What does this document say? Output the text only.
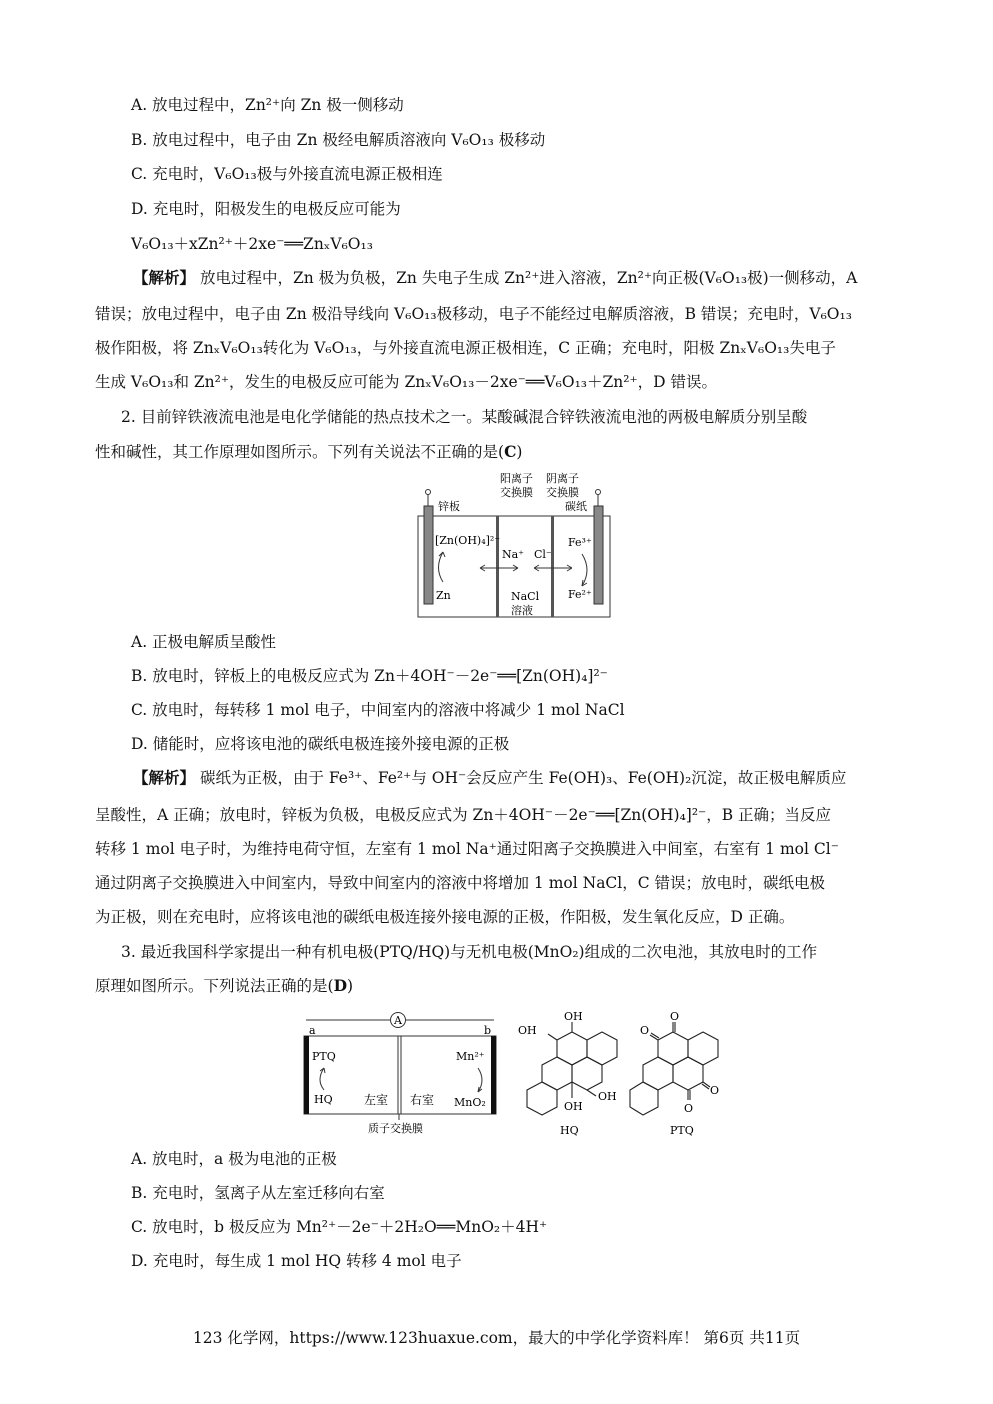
A. 放电过程中，Zn²⁺向 Zn 极一侧移动
B. 放电过程中，电子由 Zn 极经电解质溶液向 V₆O₁₃ 极移动
C. 充电时，V₆O₁₃极与外接直流电源正极相连
D. 充电时，阳极发生的电极反应可能为
V₆O₁₃＋xZn²⁺＋2xe⁻══ZnₓV₆O₁₃
【解析】 放电过程中，Zn 极为负极，Zn 失电子生成 Zn²⁺进入溶液，Zn²⁺向正极(V₆O₁₃极)一侧移动，A
错误；放电过程中，电子由 Zn 极沿导线向 V₆O₁₃极移动，电子不能经过电解质溶液，B 错误；充电时，V₆O₁₃
极作阳极，将 ZnₓV₆O₁₃转化为 V₆O₁₃，与外接直流电源正极相连，C 正确；充电时，阳极 ZnₓV₆O₁₃失电子
生成 V₆O₁₃和 Zn²⁺，发生的电极反应可能为 ZnₓV₆O₁₃－2xe⁻══V₆O₁₃＋Zn²⁺，D 错误。
2. 目前锌铁液流电池是电化学储能的热点技术之一。某酸碱混合锌铁液流电池的两极电解质分别呈酸
性和碱性，其工作原理如图所示。下列有关说法不正确的是(C)
阳离子
交换膜
阴离子
交换膜
锌板	碳纸
[Zn(OH)₄]²⁻
Zn
Na⁺ Cl⁻
NaCl
溶液
Fe³⁺
Fe²⁺
A. 正极电解质呈酸性
B. 放电时，锌板上的电极反应式为 Zn＋4OH⁻－2e⁻══[Zn(OH)₄]²⁻
C. 放电时，每转移 1 mol 电子，中间室内的溶液中将减少 1 mol NaCl
D. 储能时，应将该电池的碳纸电极连接外接电源的正极
【解析】 碳纸为正极，由于 Fe³⁺、Fe²⁺与 OH⁻会反应产生 Fe(OH)₃、Fe(OH)₂沉淀，故正极电解质应
呈酸性，A 正确；放电时，锌板为负极，电极反应式为 Zn＋4OH⁻－2e⁻══[Zn(OH)₄]²⁻，B 正确；当反应
转移 1 mol 电子时，为维持电荷守恒，左室有 1 mol Na⁺通过阳离子交换膜进入中间室，右室有 1 mol Cl⁻
通过阴离子交换膜进入中间室内，导致中间室内的溶液中将增加 1 mol NaCl，C 错误；放电时，碳纸电极
为正极，则在充电时，应将该电池的碳纸电极连接外接电源的正极，作阳极，发生氧化反应，D 正确。
3. 最近我国科学家提出一种有机电极(PTQ/HQ)与无机电极(MnO₂)组成的二次电池，其放电时的工作
原理如图所示。下列说法正确的是(D)
A
a	b
PTQ
HQ	左室 右室
Mn²⁺
MnO₂
质子交换膜
OH
OH
OH
OH
HQ
O
O
O
O
PTQ
A. 放电时，a 极为电池的正极
B. 充电时，氢离子从左室迁移向右室
C. 放电时，b 极反应为 Mn²⁺－2e⁻＋2H₂O══MnO₂＋4H⁺
D. 充电时，每生成 1 mol HQ 转移 4 mol 电子
123 化学网，https://www.123huaxue.com，最大的中学化学资料库！ 第6页 共11页
